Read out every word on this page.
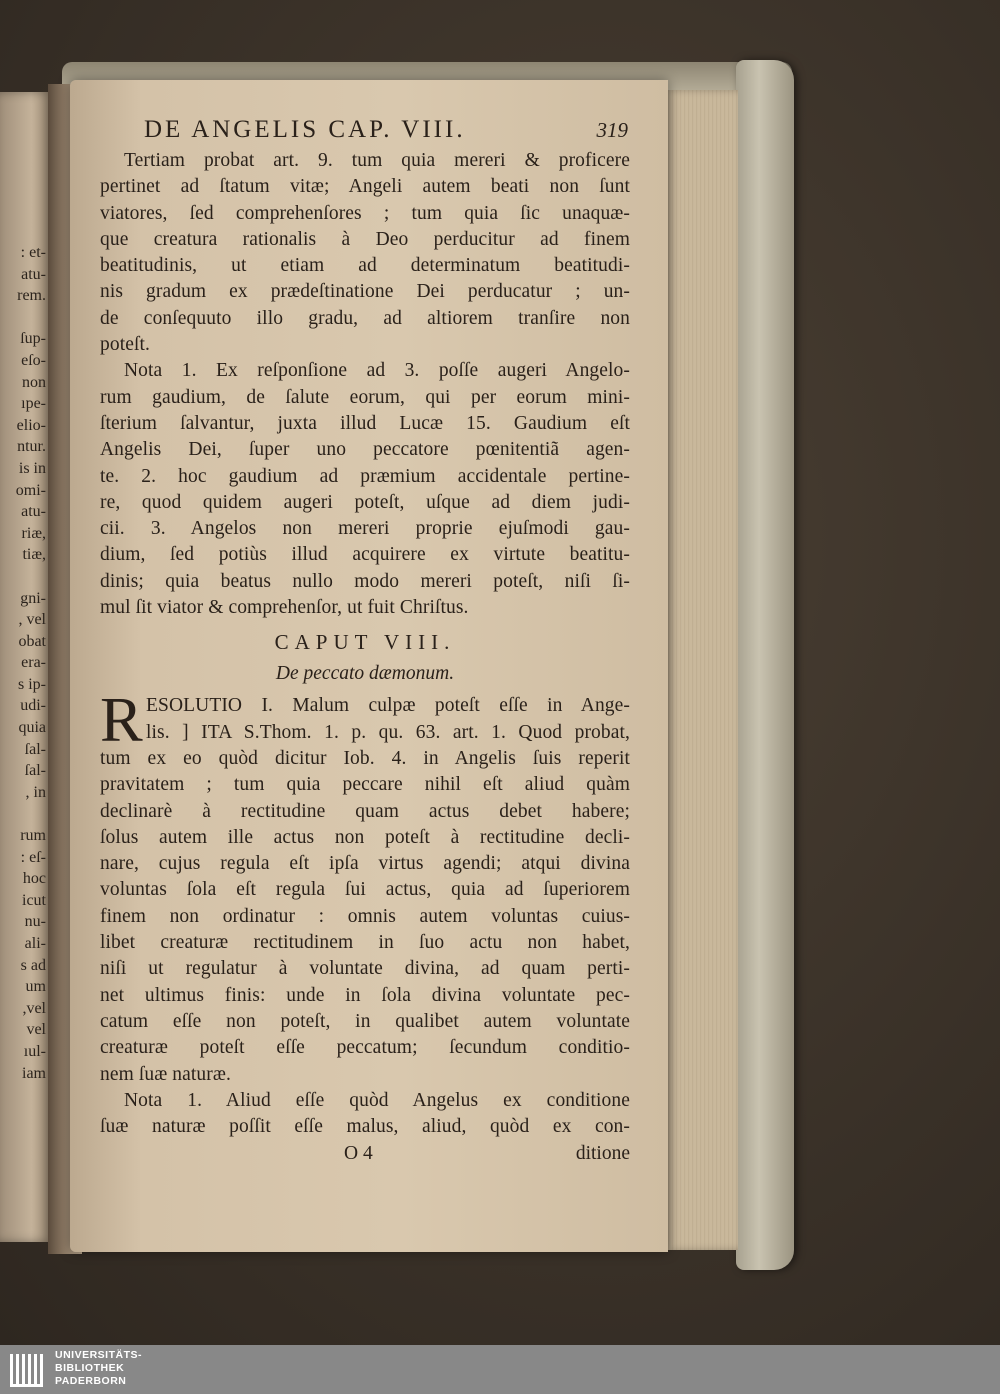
: et-
atu-
rem.
ſup-
eſo-
non
ıpe-
elio-
ntur.
is in
omi-
atu-
riæ,
tiæ,
gni-
, vel
obat
era-
s ip-
udi-
quia
ſal-
ſal-
, in
rum
: eſ-
hoc
icut
nu-
ali-
s ad
um
,vel
vel
ıul-
iam
DE ANGELIS CAP. VIII.	319
Tertiam probat art. 9. tum quia mereri & proficere
pertinet ad ſtatum vitæ; Angeli autem beati non ſunt
viatores, ſed comprehenſores ; tum quia ſic unaquæ-
que creatura rationalis à Deo perducitur ad finem
beatitudinis, ut etiam ad determinatum beatitudi-
nis gradum ex prædeſtinatione Dei perducatur ; un-
de conſequuto illo gradu, ad altiorem tranſire non
poteſt.
Nota 1. Ex reſponſione ad 3. poſſe augeri Angelo-
rum gaudium, de ſalute eorum, qui per eorum mini-
ſterium ſalvantur, juxta illud Lucæ 15. Gaudium eſt
Angelis Dei, ſuper uno peccatore pœnitentiã agen-
te. 2. hoc gaudium ad præmium accidentale pertine-
re, quod quidem augeri poteſt, uſque ad diem judi-
cii. 3. Angelos non mereri proprie ejuſmodi gau-
dium, ſed potiùs illud acquirere ex virtute beatitu-
dinis; quia beatus nullo modo mereri poteſt, niſi ſi-
mul ſit viator & comprehenſor, ut fuit Chriſtus.
CAPUT VIII.
De peccato dæmonum.
R ESOLUTIO I. Malum culpæ poteſt eſſe in Ange-
lis. ] ITA S.Thom. 1. p. qu. 63. art. 1. Quod probat,
tum ex eo quòd dicitur Iob. 4. in Angelis ſuis reperit
pravitatem ; tum quia peccare nihil eſt aliud quàm
declinarè à rectitudine quam actus debet habere;
ſolus autem ille actus non poteſt à rectitudine decli-
nare, cujus regula eſt ipſa virtus agendi; atqui divina
voluntas ſola eſt regula ſui actus, quia ad ſuperiorem
finem non ordinatur : omnis autem voluntas cuius-
libet creaturæ rectitudinem in ſuo actu non habet,
niſi ut regulatur à voluntate divina, ad quam perti-
net ultimus finis: unde in ſola divina voluntate pec-
catum eſſe non poteſt, in qualibet autem voluntate
creaturæ poteſt eſſe peccatum; ſecundum conditio-
nem ſuæ naturæ.
Nota 1. Aliud eſſe quòd Angelus ex conditione
ſuæ naturæ poſſit eſſe malus, aliud, quòd ex con-
O 4	ditione
UNIVERSITÄTS-
BIBLIOTHEK
PADERBORN
